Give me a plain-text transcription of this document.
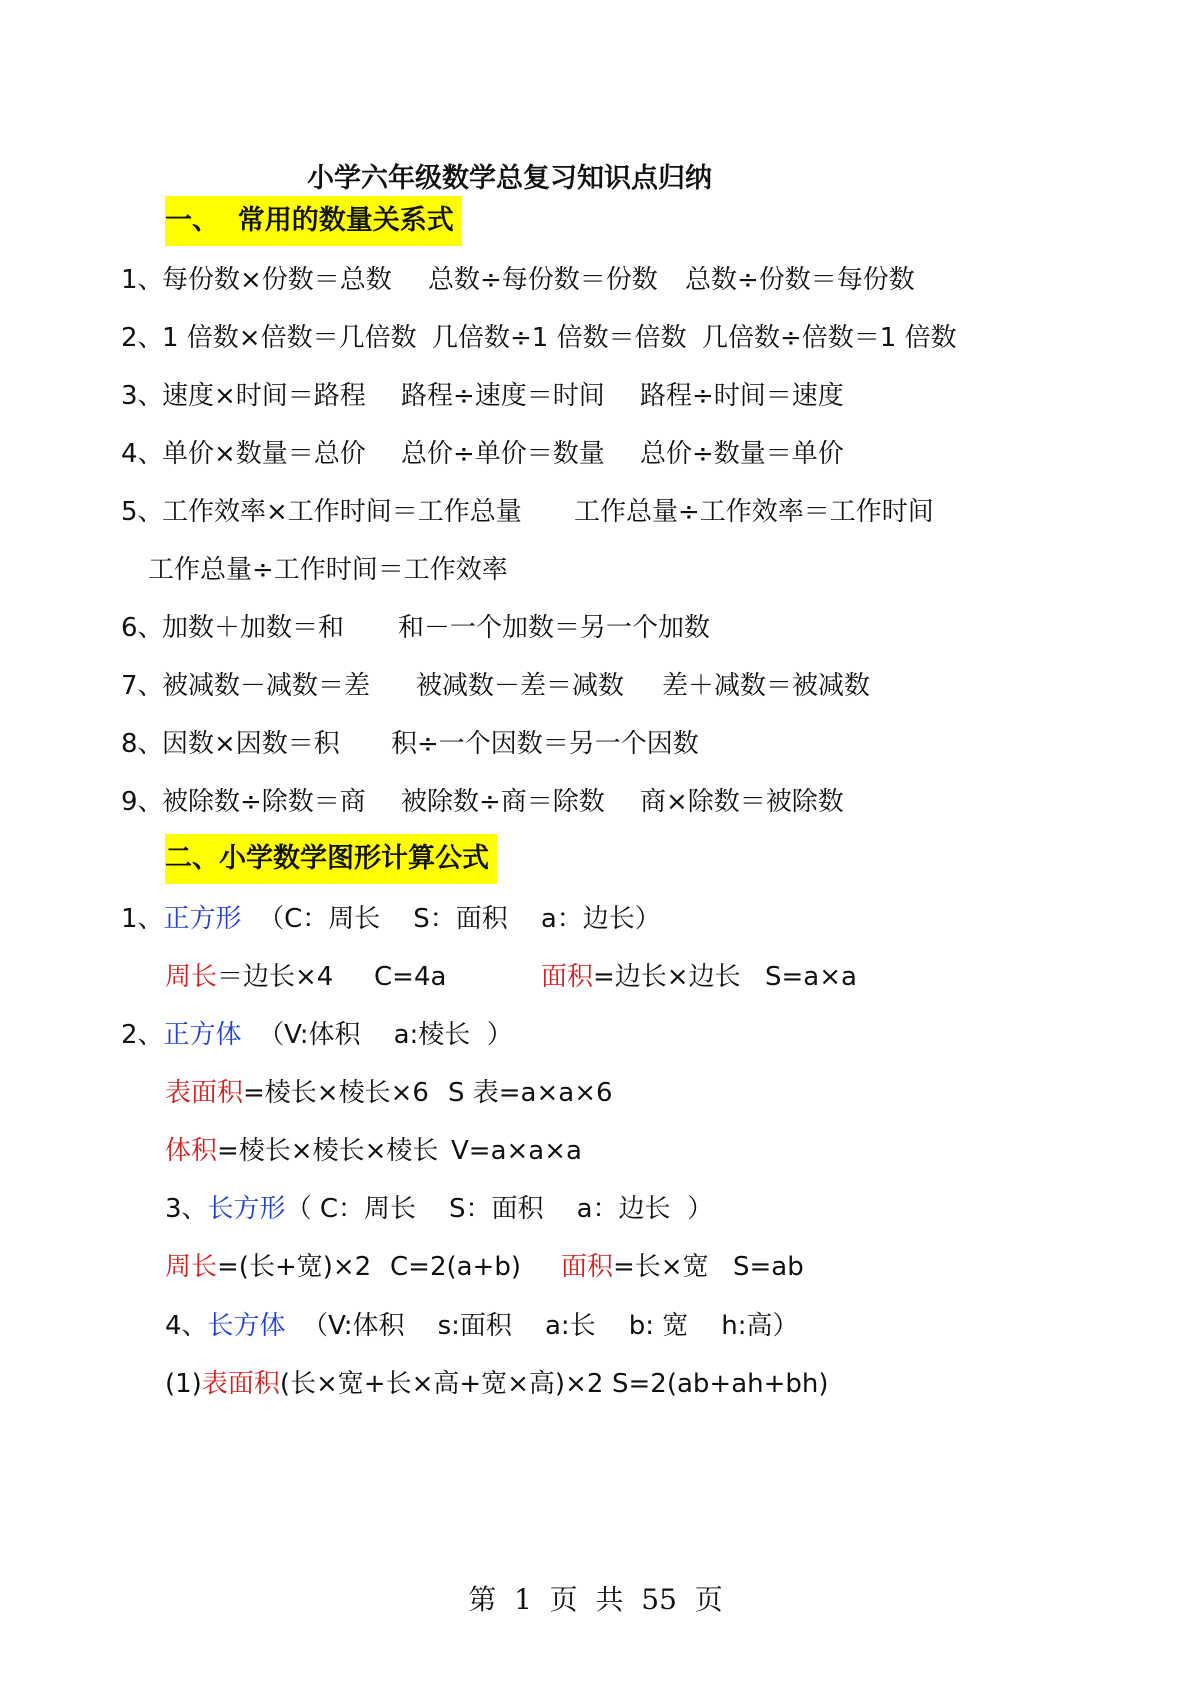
小学六年级数学总复习知识点归纳
一、  常用的数量关系式
1、
每份数×份数＝总数 总数÷每份数＝份数 总数÷份数＝每份数
2、
1 倍数×倍数＝几倍数 几倍数÷1 倍数＝倍数 几倍数÷倍数＝1 倍数
3、
速度×时间＝路程 路程÷速度＝时间 路程÷时间＝速度
4、
单价×数量＝总价 总价÷单价＝数量 总价÷数量＝单价
5、
工作效率×工作时间＝工作总量 工作总量÷工作效率＝工作时间
工作总量÷工作时间＝工作效率
6、
加数＋加数＝和 和－一个加数＝另一个加数
7、
被减数－减数＝差 被减数－差＝减数 差＋减数＝被减数
8、
因数×因数＝积 积÷一个因数＝另一个因数
9、
被除数÷除数＝商 被除数÷商＝除数 商×除数＝被除数
二、小学数学图形计算公式
1、正方形 （C：周长    S：面积    a：边长）
周长＝边长×4 C=4a	面积=边长×边长 S=a×a
2、正方体 （V:体积    a:棱长  ）
表面积=棱长×棱长×6 S 表=a×a×6
体积=棱长×棱长×棱长 V=a×a×a
3、长方形（ C：周长    S：面积    a：边长  ）
周长=(长+宽)×2 C=2(a+b) 面积=长×宽 S=ab
4、长方体 （V:体积    s:面积    a:长    b: 宽    h:高）
(1)表面积(长×宽+长×高+宽×高)×2 S=2(ab+ah+bh)
第  1  页  共  55  页
